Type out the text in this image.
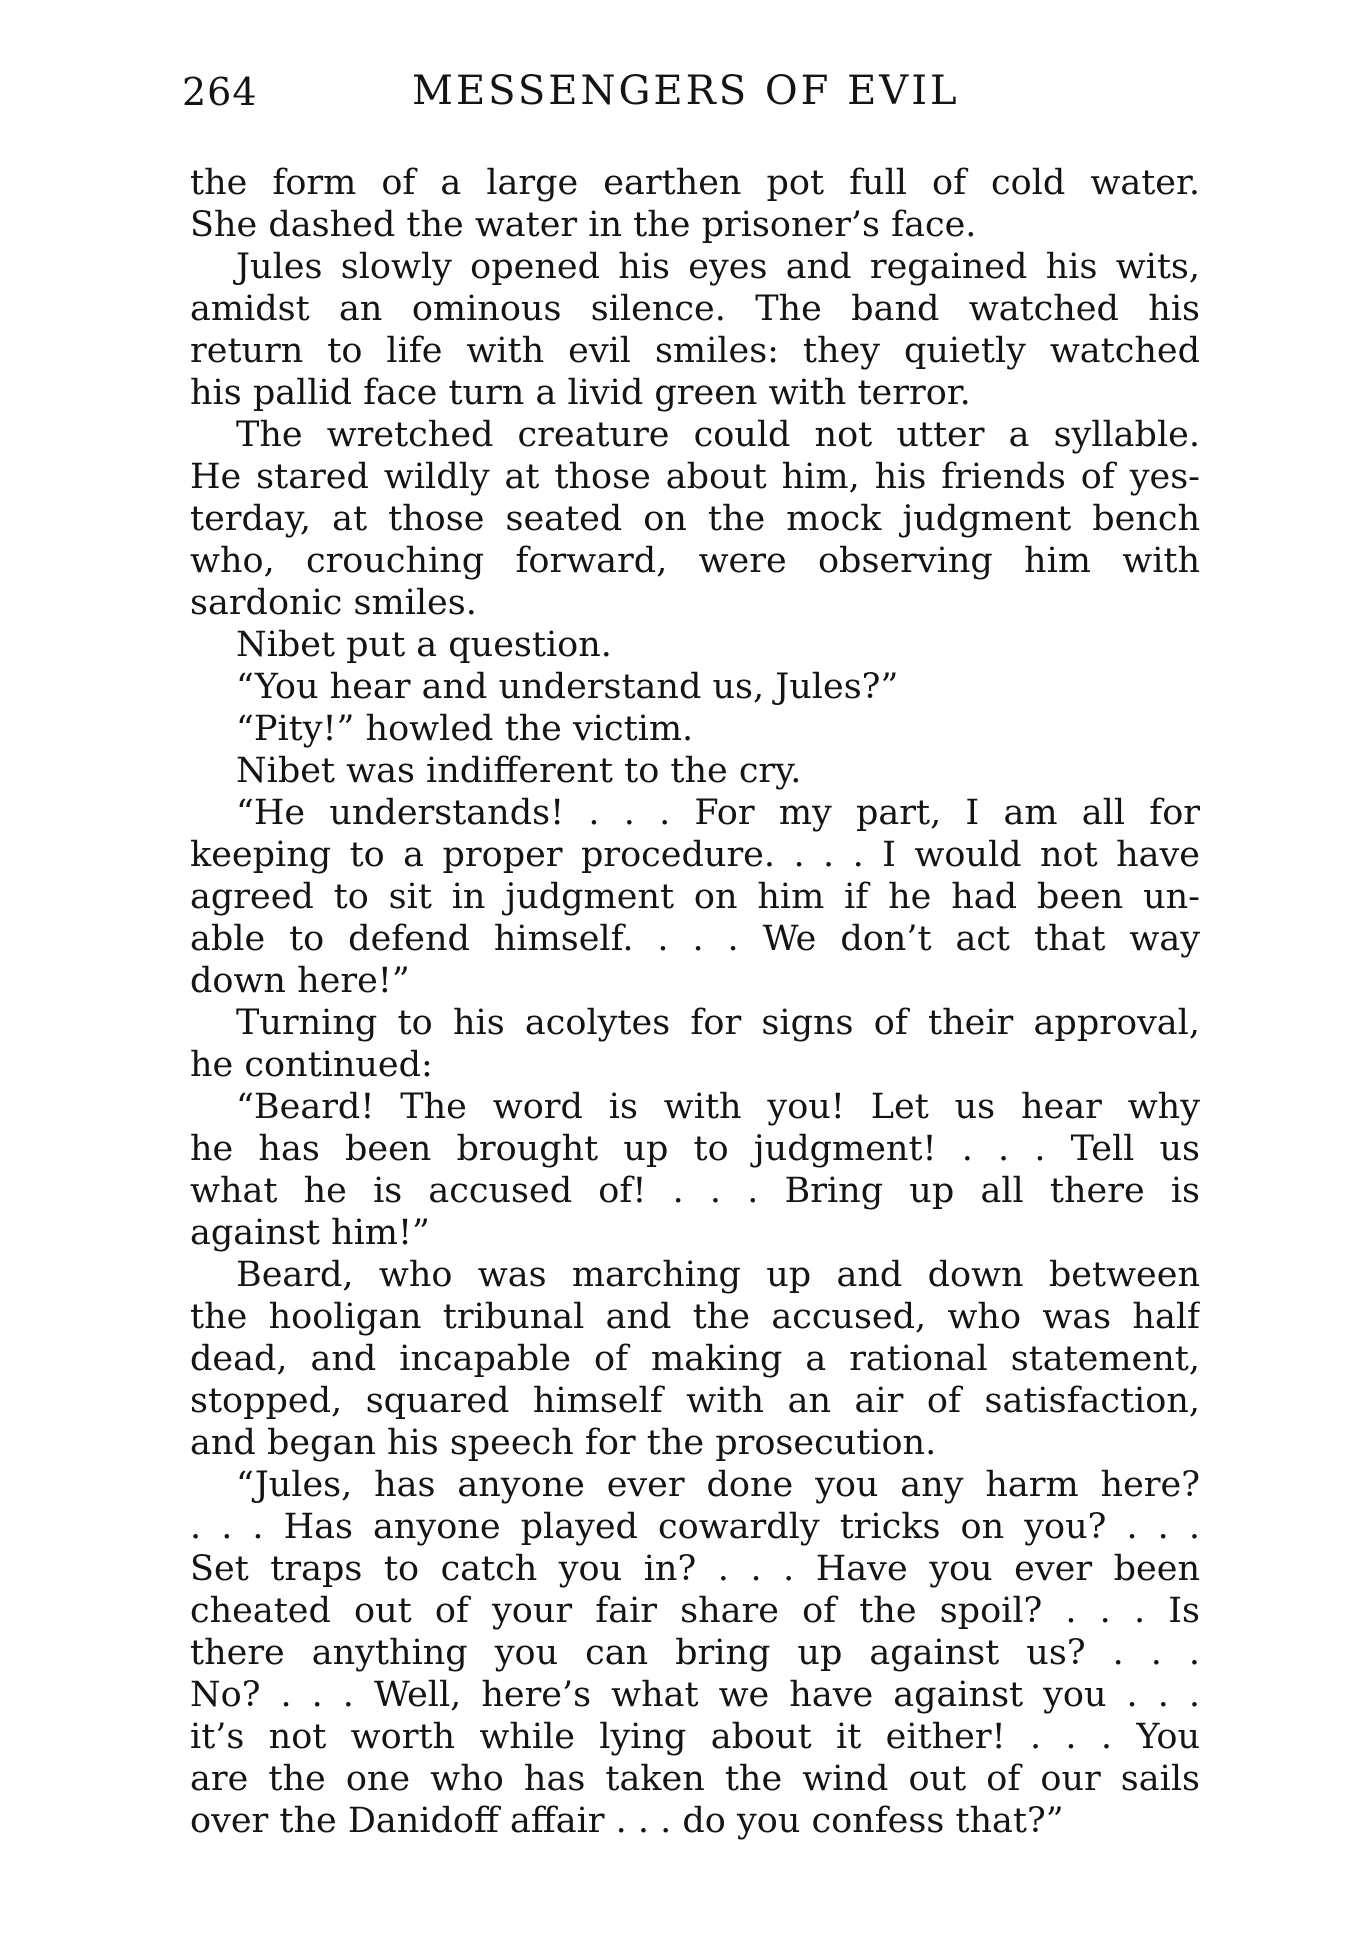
264	MESSENGERS OF EVIL
the form of a large earthen pot full of cold water.
She dashed the water in the prisoner’s face.
Jules slowly opened his eyes and regained his wits,
amidst an ominous silence. The band watched his
return to life with evil smiles: they quietly watched
his pallid face turn a livid green with terror.
The wretched creature could not utter a syllable.
He stared wildly at those about him, his friends of yes-
terday, at those seated on the mock judgment bench
who, crouching forward, were observing him with
sardonic smiles.
Nibet put a question.
“You hear and understand us, Jules?”
“Pity!” howled the victim.
Nibet was indifferent to the cry.
“He understands! . . . For my part, I am all for
keeping to a proper procedure. . . . I would not have
agreed to sit in judgment on him if he had been un-
able to defend himself. . . . We don’t act that way
down here!”
Turning to his acolytes for signs of their approval,
he continued:
“Beard! The word is with you! Let us hear why
he has been brought up to judgment! . . . Tell us
what he is accused of! . . . Bring up all there is
against him!”
Beard, who was marching up and down between
the hooligan tribunal and the accused, who was half
dead, and incapable of making a rational statement,
stopped, squared himself with an air of satisfaction,
and began his speech for the prosecution.
“Jules, has anyone ever done you any harm here?
. . . Has anyone played cowardly tricks on you? . . .
Set traps to catch you in? . . . Have you ever been
cheated out of your fair share of the spoil? . . . Is
there anything you can bring up against us? . . .
No? . . . Well, here’s what we have against you . . .
it’s not worth while lying about it either! . . . You
are the one who has taken the wind out of our sails
over the Danidoff affair . . . do you confess that?”
